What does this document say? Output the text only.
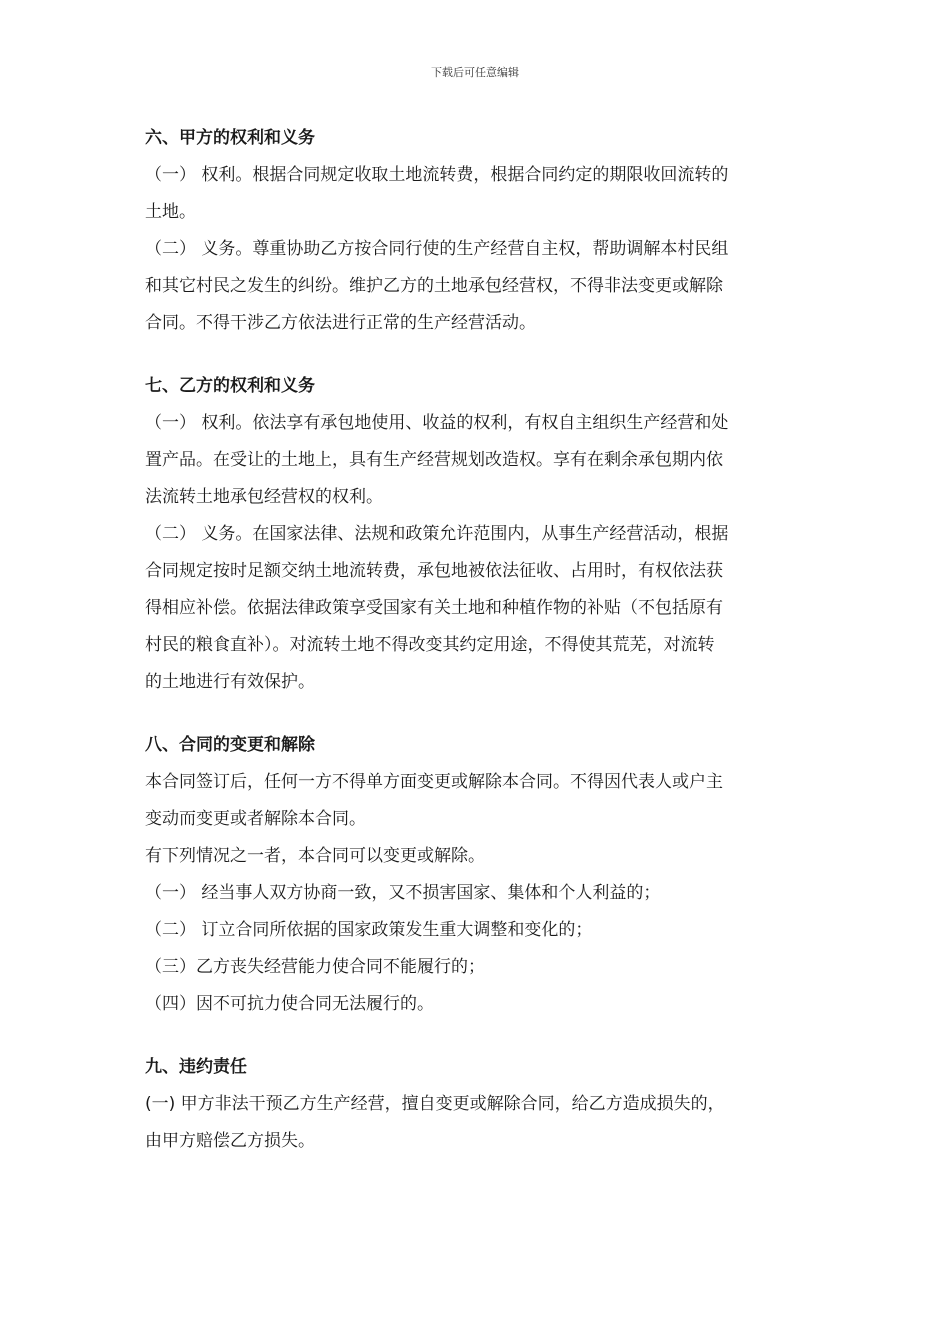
下载后可任意编辑
六、甲方的权利和义务
（一） 权利。根据合同规定收取土地流转费，根据合同约定的期限收回流转的
土地。
（二） 义务。尊重协助乙方按合同行使的生产经营自主权，帮助调解本村民组
和其它村民之发生的纠纷。维护乙方的土地承包经营权，不得非法变更或解除
合同。不得干涉乙方依法进行正常的生产经营活动。
七、乙方的权利和义务
（一） 权利。依法享有承包地使用、收益的权利，有权自主组织生产经营和处
置产品。在受让的土地上，具有生产经营规划改造权。享有在剩余承包期内依
法流转土地承包经营权的权利。
（二） 义务。在国家法律、法规和政策允许范围内，从事生产经营活动，根据
合同规定按时足额交纳土地流转费，承包地被依法征收、占用时，有权依法获
得相应补偿。依据法律政策享受国家有关土地和种植作物的补贴（不包括原有
村民的粮食直补）。对流转土地不得改变其约定用途，不得使其荒芜，对流转
的土地进行有效保护。
八、合同的变更和解除
本合同签订后，任何一方不得单方面变更或解除本合同。不得因代表人或户主
变动而变更或者解除本合同。
有下列情况之一者，本合同可以变更或解除。
（一） 经当事人双方协商一致，又不损害国家、集体和个人利益的；
（二） 订立合同所依据的国家政策发生重大调整和变化的；
（三）乙方丧失经营能力使合同不能履行的；
（四）因不可抗力使合同无法履行的。
九、违约责任
(一) 甲方非法干预乙方生产经营，擅自变更或解除合同，给乙方造成损失的，
由甲方赔偿乙方损失。
